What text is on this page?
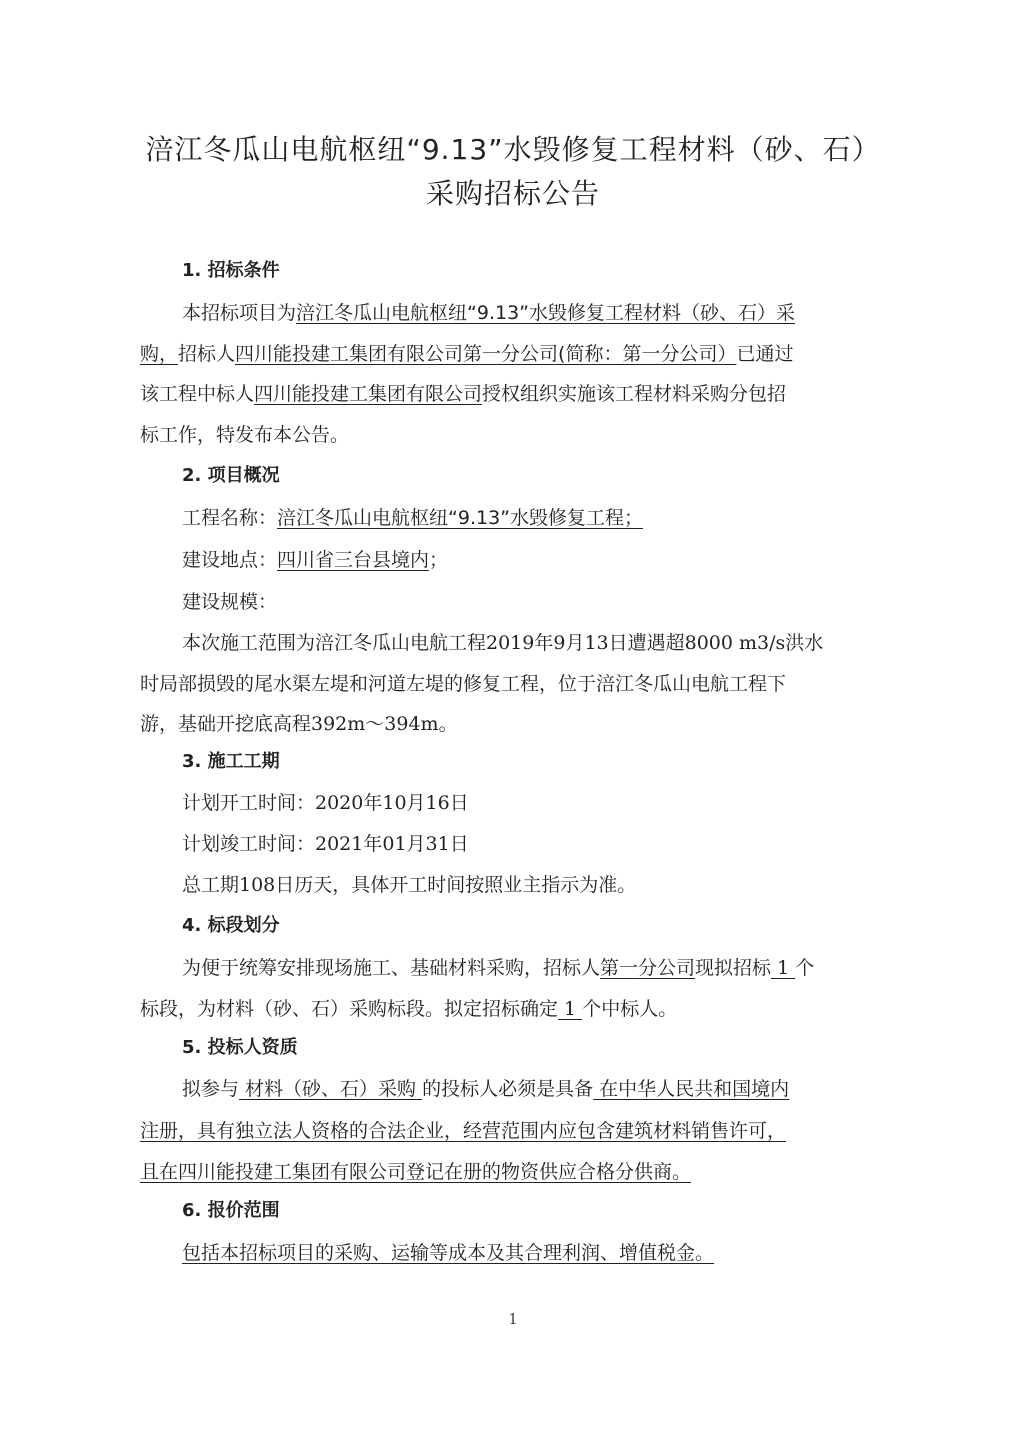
涪江冬瓜山电航枢纽“9.13”水毁修复工程材料（砂、石）
采购招标公告
1. 招标条件
本招标项目为涪江冬瓜山电航枢纽“9.13”水毁修复工程材料（砂、石）采
购，招标人四川能投建工集团有限公司第一分公司(简称：第一分公司）已通过
该工程中标人四川能投建工集团有限公司授权组织实施该工程材料采购分包招
标工作，特发布本公告。
2. 项目概况
工程名称：涪江冬瓜山电航枢纽“9.13”水毁修复工程；
建设地点：四川省三台县境内；
建设规模：
本次施工范围为涪江冬瓜山电航工程2019年9月13日遭遇超8000 m3/s洪水
时局部损毁的尾水渠左堤和河道左堤的修复工程，位于涪江冬瓜山电航工程下
游，基础开挖底高程392m～394m。
3. 施工工期
计划开工时间：2020年10月16日
计划竣工时间：2021年01月31日
总工期108日历天，具体开工时间按照业主指示为准。
4. 标段划分
为便于统筹安排现场施工、基础材料采购，招标人第一分公司现拟招标 1 个
标段，为材料（砂、石）采购标段。拟定招标确定 1 个中标人。
5. 投标人资质
拟参与 材料（砂、石）采购 的投标人必须是具备 在中华人民共和国境内
注册，具有独立法人资格的合法企业，经营范围内应包含建筑材料销售许可，
且在四川能投建工集团有限公司登记在册的物资供应合格分供商。
6. 报价范围
包括本招标项目的采购、运输等成本及其合理利润、增值税金。
1
